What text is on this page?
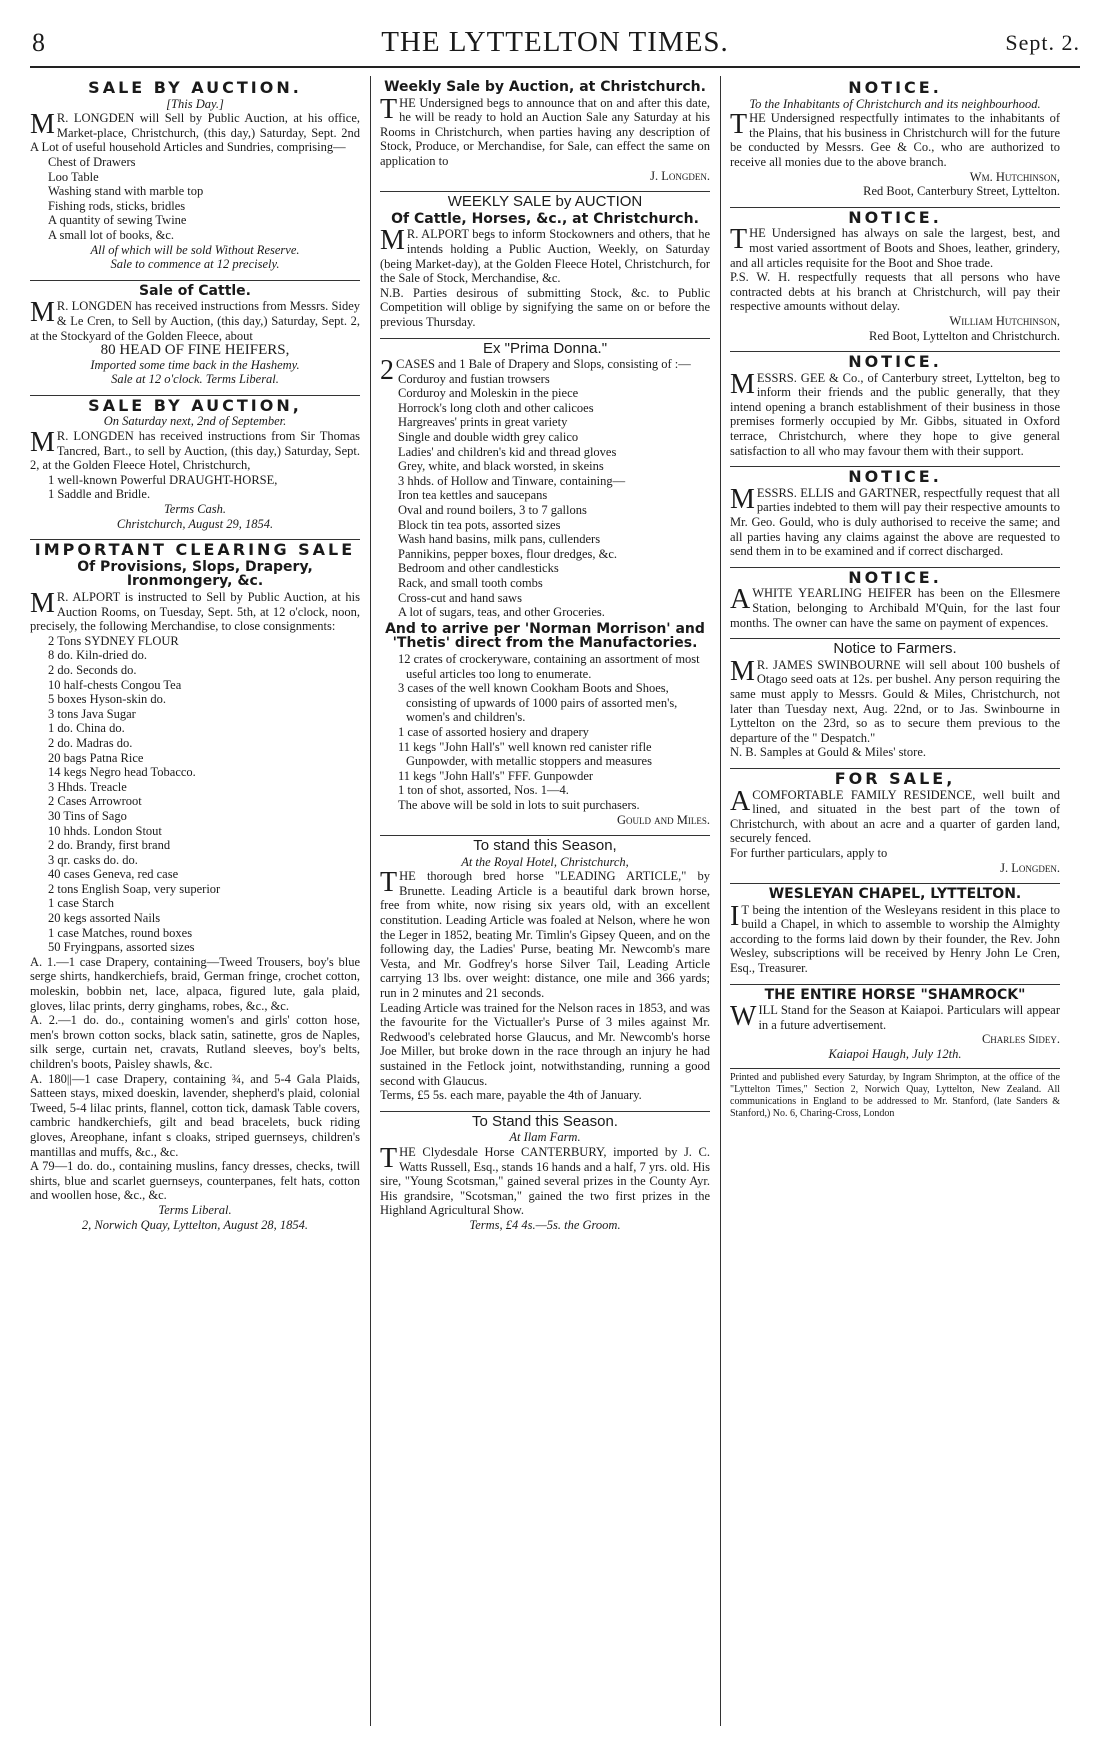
8	THE LYTTELTON TIMES.	Sept. 2.
SALE BY AUCTION.
[This Day.]

MR. LONGDEN will Sell by Public Auction, at his office, Market-place, Christchurch, (this day,) Saturday, Sept. 2nd A Lot of useful household Articles and Sundries, comprising—

Chest of Drawers
Loo Table
Washing stand with marble top
Fishing rods, sticks, bridles
A quantity of sewing Twine
A small lot of books, &c.
All of which will be sold Without Reserve.
Sale to commence at 12 precisely.
Sale of Cattle.

MR. LONGDEN has received instructions from Messrs. Sidey & Le Cren, to Sell by Auction, (this day,) Saturday, Sept. 2, at the Stockyard of the Golden Fleece, about

80 HEAD OF FINE HEIFERS,
Imported some time back in the Hashemy.
Sale at 12 o'clock. Terms Liberal.
SALE BY AUCTION,
On Saturday next, 2nd of September.

MR. LONGDEN has received instructions from Sir Thomas Tancred, Bart., to sell by Auction, (this day,) Saturday, Sept. 2, at the Golden Fleece Hotel, Christchurch,

1 well-known Powerful DRAUGHT-HORSE,
1 Saddle and Bridle.
Terms Cash.
Christchurch, August 29, 1854.
IMPORTANT CLEARING SALE
Of Provisions, Slops, Drapery, Ironmongery, &c.

MR. ALPORT is instructed to Sell by Public Auction, at his Auction Rooms, on Tuesday, Sept. 5th, at 12 o'clock, noon, precisely, the following Merchandise, to close consignments:

2 Tons SYDNEY FLOUR
8 do. Kiln-dried do.
2 do. Seconds do.
10 half-chests Congou Tea
5 boxes Hyson-skin do.
3 tons Java Sugar
1 do. China do.
2 do. Madras do.
20 bags Patna Rice
14 kegs Negro head Tobacco.
3 Hhds. Treacle
2 Cases Arrowroot
30 Tins of Sago
10 hhds. London Stout
2 do. Brandy, first brand
3 qr. casks do. do.
40 cases Geneva, red case
2 tons English Soap, very superior
1 case Starch
20 kegs assorted Nails
1 case Matches, round boxes
50 Fryingpans, assorted sizes

A. 1.—1 case Drapery, containing—Tweed Trousers, boy's blue serge shirts, handkerchiefs, braid, German fringe, crochet cotton, moleskin, bobbin net, lace, alpaca, figured lute, gala plaid, gloves, lilac prints, derry ginghams, robes, &c., &c.

A. 2.—1 do. do., containing women's and girls' cotton hose, men's brown cotton socks, black satin, satinette, gros de Naples, silk serge, curtain net, cravats, Rutland sleeves, boy's belts, children's boots, Paisley shawls, &c.

A. 180||—1 case Drapery, containing ¾, and 5-4 Gala Plaids, Satteen stays, mixed doeskin, lavender, shepherd's plaid, colonial Tweed, 5-4 lilac prints, flannel, cotton tick, damask Table covers, cambric handkerchiefs, gilt and bead bracelets, buck riding gloves, Areophane, infant s cloaks, striped guernseys, children's mantillas and muffs, &c., &c.

A 79—1 do. do., containing muslins, fancy dresses, checks, twill shirts, blue and scarlet guernseys, counterpanes, felt hats, cotton and woollen hose, &c., &c.

Terms Liberal.
2, Norwich Quay, Lyttelton, August 28, 1854.
Weekly Sale by Auction, at Christchurch.

THE Undersigned begs to announce that on and after this date, he will be ready to hold an Auction Sale any Saturday at his Rooms in Christchurch, when parties having any description of Stock, Produce, or Merchandise, for Sale, can effect the same on application to

J. Longden.
WEEKLY SALE by AUCTION
Of Cattle, Horses, &c., at Christchurch.

MR. ALPORT begs to inform Stockowners and others, that he intends holding a Public Auction, Weekly, on Saturday (being Market-day), at the Golden Fleece Hotel, Christchurch, for the Sale of Stock, Merchandise, &c.

N.B. Parties desirous of submitting Stock, &c. to Public Competition will oblige by signifying the same on or before the previous Thursday.

Ex "Prima Donna."

2CASES and 1 Bale of Drapery and Slops, consisting of :—

Corduroy and fustian trowsers
Corduroy and Moleskin in the piece
Horrock's long cloth and other calicoes
Hargreaves' prints in great variety
Single and double width grey calico
Ladies' and children's kid and thread gloves
Grey, white, and black worsted, in skeins
3 hhds. of Hollow and Tinware, containing—
Iron tea kettles and saucepans
Oval and round boilers, 3 to 7 gallons
Block tin tea pots, assorted sizes
Wash hand basins, milk pans, cullenders
Pannikins, pepper boxes, flour dredges, &c.
Bedroom and other candlesticks
Rack, and small tooth combs
Cross-cut and hand saws
A lot of sugars, teas, and other Groceries.
And to arrive per 'Norman Morrison' and 'Thetis' direct from the Manufactories.
12 crates of crockeryware, containing an assortment of most useful articles too long to enumerate.
3 cases of the well known Cookham Boots and Shoes, consisting of upwards of 1000 pairs of assorted men's, women's and children's.
1 case of assorted hosiery and drapery
11 kegs "John Hall's" well known red canister rifle Gunpowder, with metallic stoppers and measures
11 kegs "John Hall's" FFF. Gunpowder
1 ton of shot, assorted, Nos. 1—4.
The above will be sold in lots to suit purchasers.
Gould and Miles.
To stand this Season,
At the Royal Hotel, Christchurch,

THE thorough bred horse "LEADING ARTICLE," by Brunette. Leading Article is a beautiful dark brown horse, free from white, now rising six years old, with an excellent constitution. Leading Article was foaled at Nelson, where he won the Leger in 1852, beating Mr. Timlin's Gipsey Queen, and on the following day, the Ladies' Purse, beating Mr. Newcomb's mare Vesta, and Mr. Godfrey's horse Silver Tail, Leading Article carrying 13 lbs. over weight: distance, one mile and 366 yards; run in 2 minutes and 21 seconds.

Leading Article was trained for the Nelson races in 1853, and was the favourite for the Victualler's Purse of 3 miles against Mr. Redwood's celebrated horse Glaucus, and Mr. Newcomb's horse Joe Miller, but broke down in the race through an injury he had sustained in the Fetlock joint, notwithstanding, running a good second with Glaucus.

Terms, £5 5s. each mare, payable the 4th of January.

To Stand this Season.
At Ilam Farm.

THE Clydesdale Horse CANTERBURY, imported by J. C. Watts Russell, Esq., stands 16 hands and a half, 7 yrs. old. His sire, "Young Scotsman," gained several prizes in the County Ayr. His grandsire, "Scotsman," gained the two first prizes in the Highland Agricultural Show.

Terms, £4 4s.—5s. the Groom.
NOTICE.
To the Inhabitants of Christchurch and its neighbourhood.

THE Undersigned respectfully intimates to the inhabitants of the Plains, that his business in Christchurch will for the future be conducted by Messrs. Gee & Co., who are authorized to receive all monies due to the above branch.

Wm. Hutchinson,
Red Boot, Canterbury Street, Lyttelton.
NOTICE.

THE Undersigned has always on sale the largest, best, and most varied assortment of Boots and Shoes, leather, grindery, and all articles requisite for the Boot and Shoe trade.

P.S. W. H. respectfully requests that all persons who have contracted debts at his branch at Christchurch, will pay their respective amounts without delay.

William Hutchinson,
Red Boot, Lyttelton and Christchurch.
NOTICE.

MESSRS. GEE & Co., of Canterbury street, Lyttelton, beg to inform their friends and the public generally, that they intend opening a branch establishment of their business in those premises formerly occupied by Mr. Gibbs, situated in Oxford terrace, Christchurch, where they hope to give general satisfaction to all who may favour them with their support.

NOTICE.

MESSRS. ELLIS and GARTNER, respectfully request that all parties indebted to them will pay their respective amounts to Mr. Geo. Gould, who is duly authorised to receive the same; and all parties having any claims against the above are requested to send them in to be examined and if correct discharged.

NOTICE.

AWHITE YEARLING HEIFER has been on the Ellesmere Station, belonging to Archibald M'Quin, for the last four months. The owner can have the same on payment of expences.

Notice to Farmers.

MR. JAMES SWINBOURNE will sell about 100 bushels of Otago seed oats at 12s. per bushel. Any person requiring the same must apply to Messrs. Gould & Miles, Christchurch, not later than Tuesday next, Aug. 22nd, or to Jas. Swinbourne in Lyttelton on the 23rd, so as to secure them previous to the departure of the " Despatch."

N. B. Samples at Gould & Miles' store.

FOR SALE,

ACOMFORTABLE FAMILY RESIDENCE, well built and lined, and situated in the best part of the town of Christchurch, with about an acre and a quarter of garden land, securely fenced.

For further particulars, apply to

J. Longden.
WESLEYAN CHAPEL, LYTTELTON.

IT being the intention of the Wesleyans resident in this place to build a Chapel, in which to assemble to worship the Almighty according to the forms laid down by their founder, the Rev. John Wesley, subscriptions will be received by Henry John Le Cren, Esq., Treasurer.

THE ENTIRE HORSE "SHAMROCK"

WILL Stand for the Season at Kaiapoi. Particulars will appear in a future advertisement.

Charles Sidey.
Kaiapoi Haugh, July 12th.
Printed and published every Saturday, by Ingram Shrimpton, at the office of the "Lyttelton Times," Section 2, Norwich Quay, Lyttelton, New Zealand. All communications in England to be addressed to Mr. Stanford, (late Sanders & Stanford,) No. 6, Charing-Cross, London
